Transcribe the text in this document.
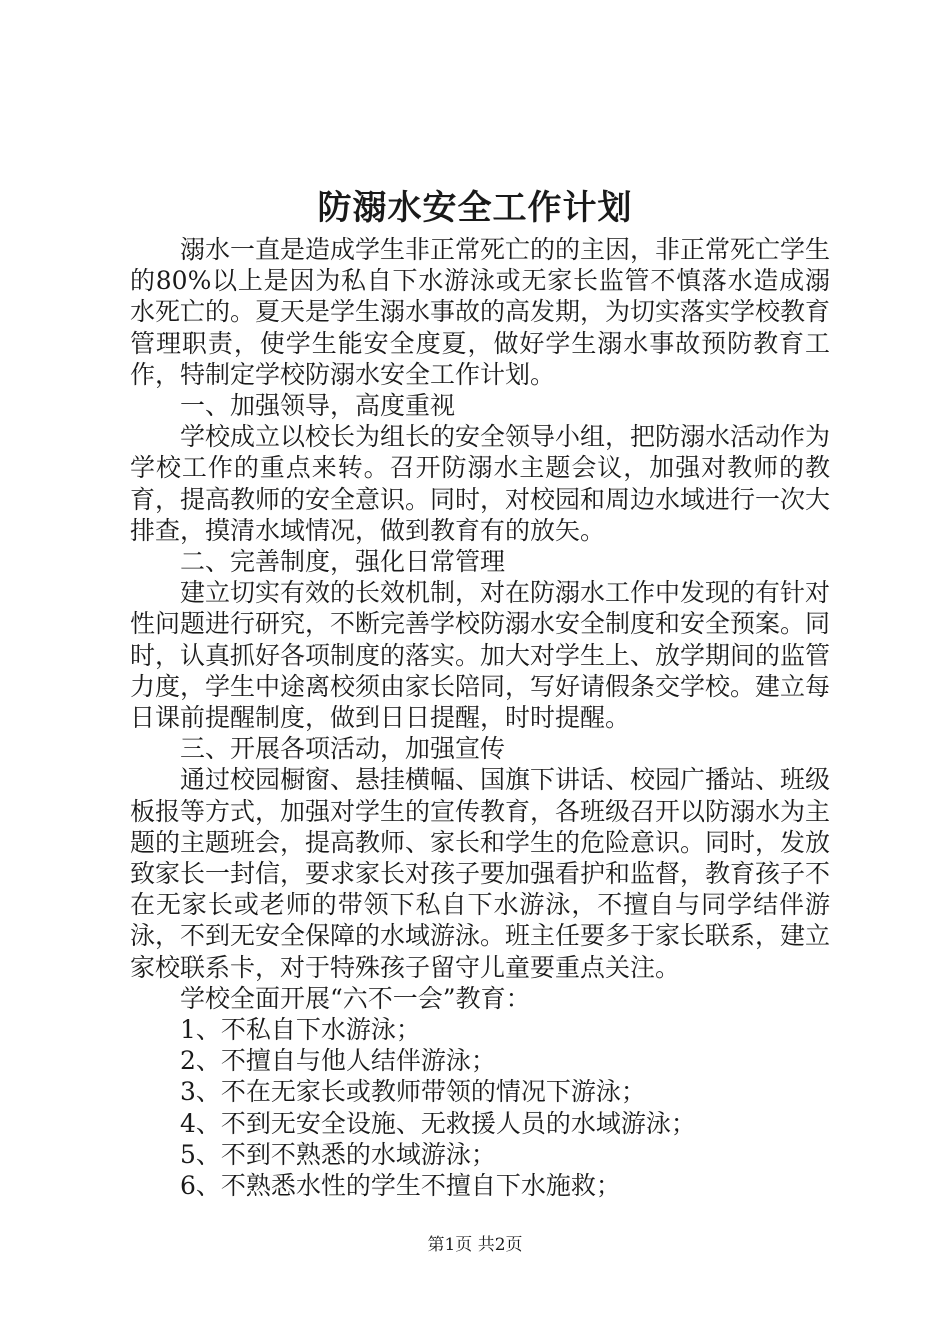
防溺水安全工作计划

溺水一直是造成学生非正常死亡的的主因，非正常死亡学生的80%以上是因为私自下水游泳或无家长监管不慎落水造成溺水死亡的。夏天是学生溺水事故的高发期，为切实落实学校教育管理职责，使学生能安全度夏，做好学生溺水事故预防教育工作，特制定学校防溺水安全工作计划。

一、加强领导，高度重视

学校成立以校长为组长的安全领导小组，把防溺水活动作为学校工作的重点来转。召开防溺水主题会议，加强对教师的教育，提高教师的安全意识。同时，对校园和周边水域进行一次大排查，摸清水域情况，做到教育有的放矢。

二、完善制度，强化日常管理

建立切实有效的长效机制，对在防溺水工作中发现的有针对性问题进行研究，不断完善学校防溺水安全制度和安全预案。同时，认真抓好各项制度的落实。加大对学生上、放学期间的监管力度，学生中途离校须由家长陪同，写好请假条交学校。建立每日课前提醒制度，做到日日提醒，时时提醒。

三、开展各项活动，加强宣传

通过校园橱窗、悬挂横幅、国旗下讲话、校园广播站、班级板报等方式，加强对学生的宣传教育，各班级召开以防溺水为主题的主题班会，提高教师、家长和学生的危险意识。同时，发放致家长一封信，要求家长对孩子要加强看护和监督，教育孩子不在无家长或老师的带领下私自下水游泳，不擅自与同学结伴游泳，不到无安全保障的水域游泳。班主任要多于家长联系，建立家校联系卡，对于特殊孩子留守儿童要重点关注。

学校全面开展“六不一会”教育：

1、不私自下水游泳；

2、不擅自与他人结伴游泳；

3、不在无家长或教师带领的情况下游泳；

4、不到无安全设施、无救援人员的水域游泳；

5、不到不熟悉的水域游泳；

6、不熟悉水性的学生不擅自下水施救；

第1页 共2页
